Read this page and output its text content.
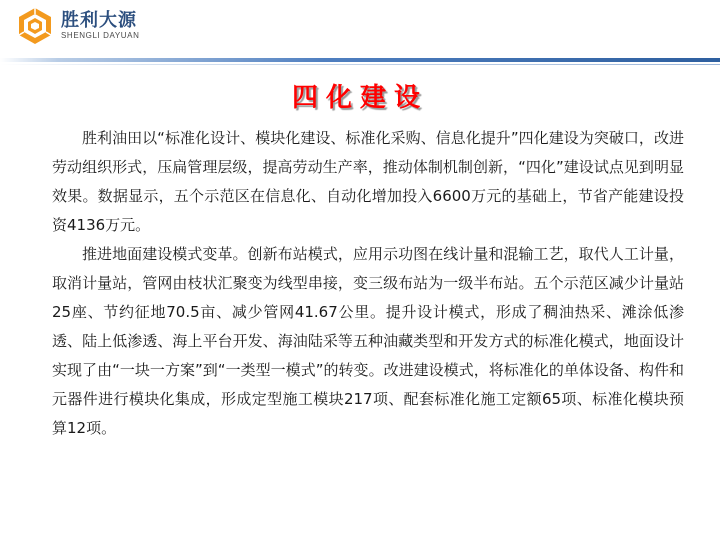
胜利大源
SHENGLI DAYUAN
四化建设

胜利油田以“标准化设计、模块化建设、标准化采购、信息化提升”四化建设为突破口，改进劳动组织形式，压扁管理层级，提高劳动生产率，推动体制机制创新，“四化”建设试点见到明显效果。数据显示，五个示范区在信息化、自动化增加投入6600万元的基础上，节省产能建设投资4136万元。

推进地面建设模式变革。创新布站模式，应用示功图在线计量和混输工艺，取代人工计量，取消计量站，管网由枝状汇聚变为线型串接，变三级布站为一级半布站。五个示范区减少计量站25座、节约征地70.5亩、减少管网41.67公里。提升设计模式，形成了稠油热采、滩涂低渗透、陆上低渗透、海上平台开发、海油陆采等五种油藏类型和开发方式的标准化模式，地面设计实现了由“一块一方案”到“一类型一模式”的转变。改进建设模式，将标准化的单体设备、构件和元器件进行模块化集成，形成定型施工模块217项、配套标准化施工定额65项、标准化模块预算12项。
